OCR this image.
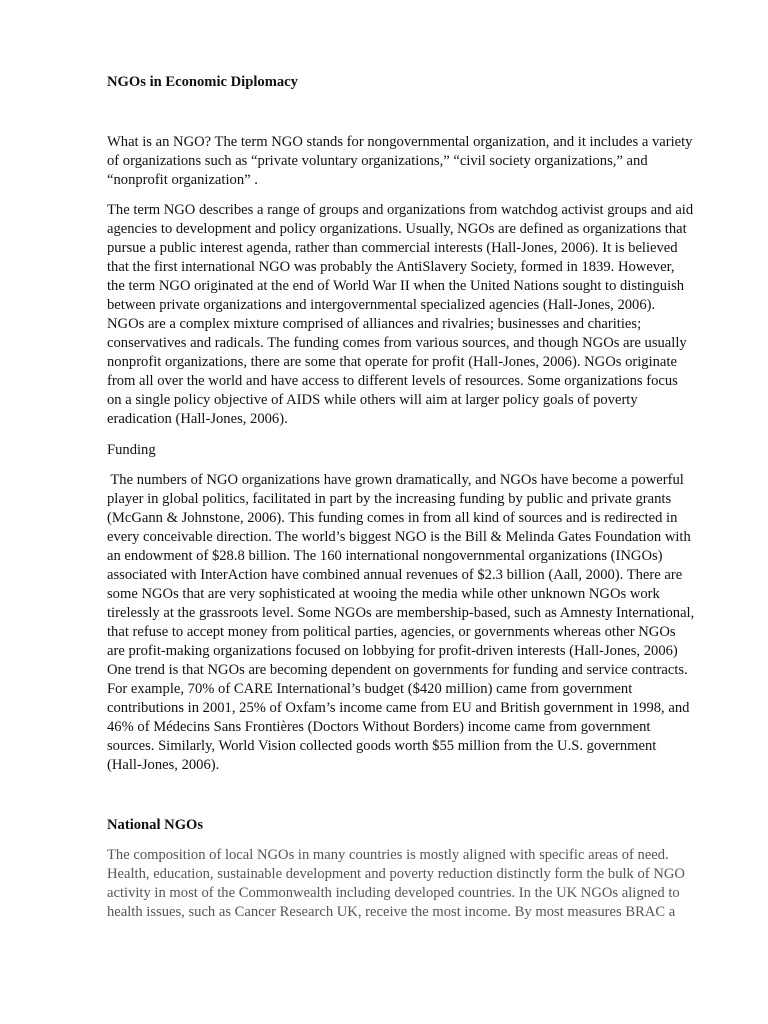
NGOs in Economic Diplomacy

What is an NGO? The term NGO stands for nongovernmental organization, and it includes a variety

of organizations such as “private voluntary organizations,” “civil society organizations,” and

“nonprofit organization” .

The term NGO describes a range of groups and organizations from watchdog activist groups and aid

agencies to development and policy organizations. Usually, NGOs are defined as organizations that

pursue a public interest agenda, rather than commercial interests (Hall-Jones, 2006). It is believed

that the first international NGO was probably the AntiSlavery Society, formed in 1839. However,

the term NGO originated at the end of World War II when the United Nations sought to distinguish

between private organizations and intergovernmental specialized agencies (Hall-Jones, 2006).

NGOs are a complex mixture comprised of alliances and rivalries; businesses and charities;

conservatives and radicals. The funding comes from various sources, and though NGOs are usually

nonprofit organizations, there are some that operate for profit (Hall-Jones, 2006). NGOs originate

from all over the world and have access to different levels of resources. Some organizations focus

on a single policy objective of AIDS while others will aim at larger policy goals of poverty

eradication (Hall-Jones, 2006).

Funding

The numbers of NGO organizations have grown dramatically, and NGOs have become a powerful

player in global politics, facilitated in part by the increasing funding by public and private grants

(McGann & Johnstone, 2006). This funding comes in from all kind of sources and is redirected in

every conceivable direction. The world’s biggest NGO is the Bill & Melinda Gates Foundation with

an endowment of $28.8 billion. The 160 international nongovernmental organizations (INGOs)

associated with InterAction have combined annual revenues of $2.3 billion (Aall, 2000). There are

some NGOs that are very sophisticated at wooing the media while other unknown NGOs work

tirelessly at the grassroots level. Some NGOs are membership-based, such as Amnesty International,

that refuse to accept money from political parties, agencies, or governments whereas other NGOs

are profit-making organizations focused on lobbying for profit-driven interests (Hall-Jones, 2006)

One trend is that NGOs are becoming dependent on governments for funding and service contracts.

For example, 70% of CARE International’s budget ($420 million) came from government

contributions in 2001, 25% of Oxfam’s income came from EU and British government in 1998, and

46% of Médecins Sans Frontières (Doctors Without Borders) income came from government

sources. Similarly, World Vision collected goods worth $55 million from the U.S. government

(Hall-Jones, 2006).

National NGOs

The composition of local NGOs in many countries is mostly aligned with specific areas of need.

Health, education, sustainable development and poverty reduction distinctly form the bulk of NGO

activity in most of the Commonwealth including developed countries. In the UK NGOs aligned to

health issues, such as Cancer Research UK, receive the most income. By most measures BRAC a
